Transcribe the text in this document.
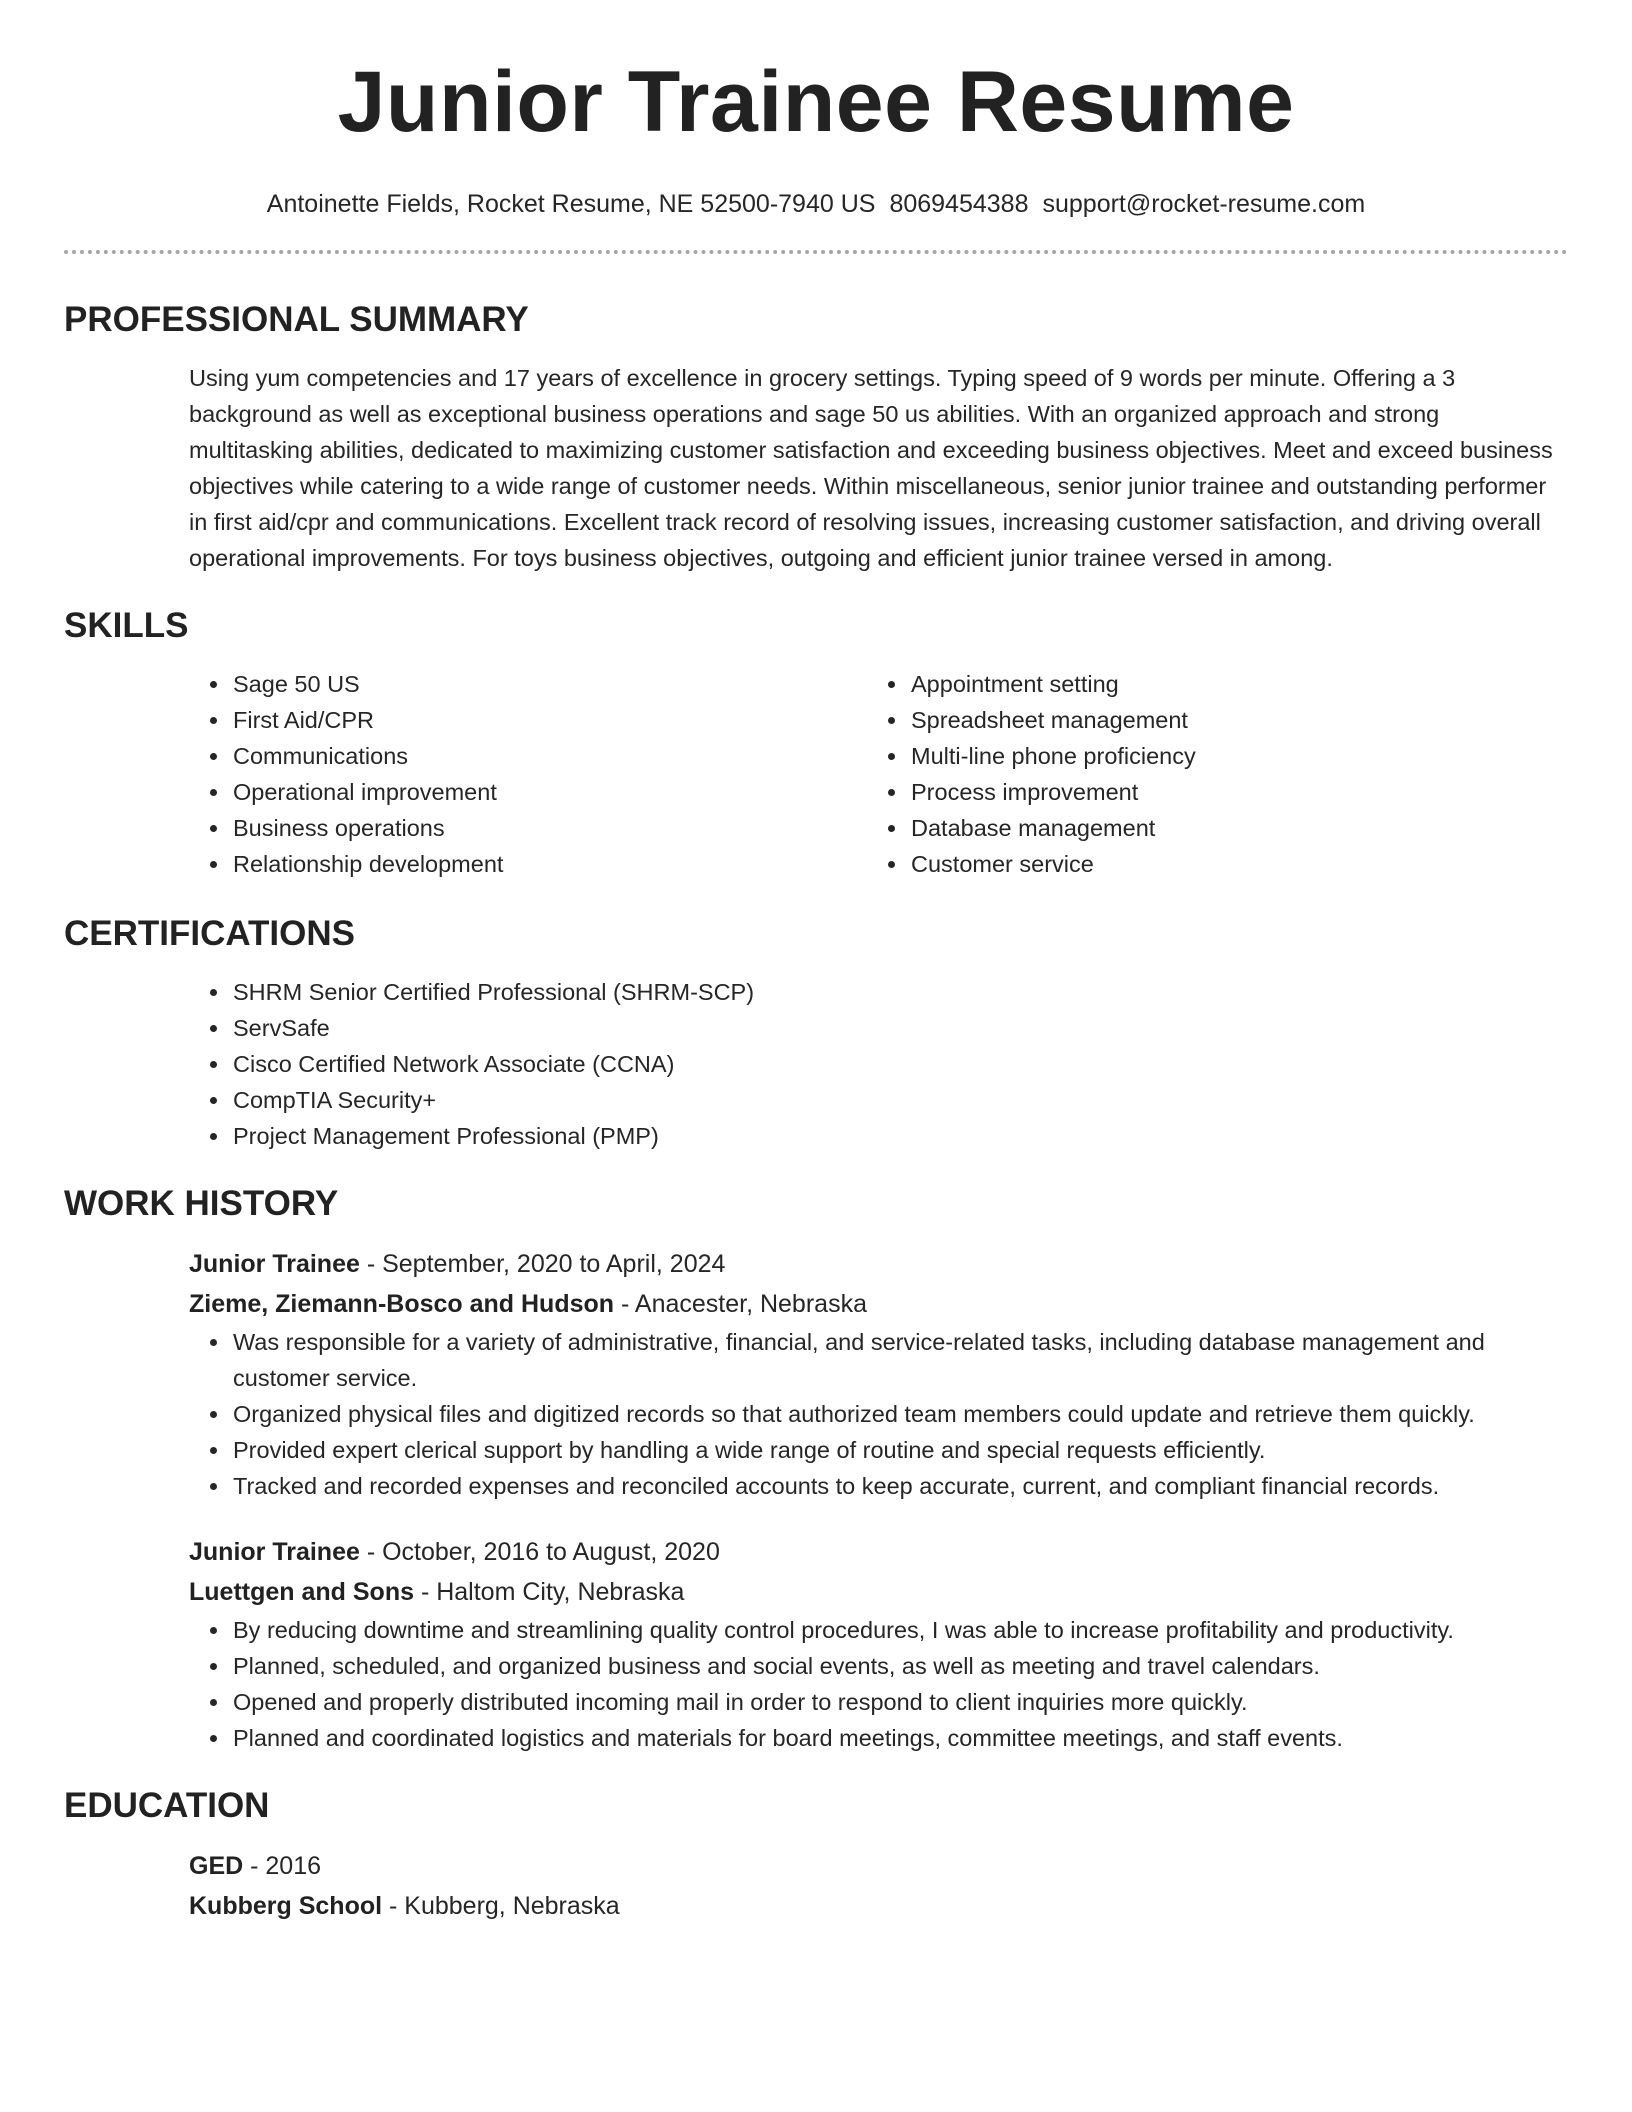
Junior Trainee Resume
Antoinette Fields, Rocket Resume, NE 52500-7940 US 8069454388 support@rocket-resume.com
PROFESSIONAL SUMMARY

Using yum competencies and 17 years of excellence in grocery settings. Typing speed of 9 words per minute. Offering a 3 background as well as exceptional business operations and sage 50 us abilities. With an organized approach and strong multitasking abilities, dedicated to maximizing customer satisfaction and exceeding business objectives. Meet and exceed business objectives while catering to a wide range of customer needs. Within miscellaneous, senior junior trainee and outstanding performer in first aid/cpr and communications. Excellent track record of resolving issues, increasing customer satisfaction, and driving overall operational improvements. For toys business objectives, outgoing and efficient junior trainee versed in among.

SKILLS
• Sage 50 US
• First Aid/CPR
• Communications
• Operational improvement
• Business operations
• Relationship development
• Appointment setting
• Spreadsheet management
• Multi-line phone proficiency
• Process improvement
• Database management
• Customer service
CERTIFICATIONS
• SHRM Senior Certified Professional (SHRM-SCP)
• ServSafe
• Cisco Certified Network Associate (CCNA)
• CompTIA Security+
• Project Management Professional (PMP)
WORK HISTORY
Junior Trainee - September, 2020 to April, 2024
Zieme, Ziemann-Bosco and Hudson - Anacester, Nebraska
• Was responsible for a variety of administrative, financial, and service-related tasks, including database management and customer service.
• Organized physical files and digitized records so that authorized team members could update and retrieve them quickly.
• Provided expert clerical support by handling a wide range of routine and special requests efficiently.
• Tracked and recorded expenses and reconciled accounts to keep accurate, current, and compliant financial records.
Junior Trainee - October, 2016 to August, 2020
Luettgen and Sons - Haltom City, Nebraska
• By reducing downtime and streamlining quality control procedures, I was able to increase profitability and productivity.
• Planned, scheduled, and organized business and social events, as well as meeting and travel calendars.
• Opened and properly distributed incoming mail in order to respond to client inquiries more quickly.
• Planned and coordinated logistics and materials for board meetings, committee meetings, and staff events.
EDUCATION
GED - 2016
Kubberg School - Kubberg, Nebraska
